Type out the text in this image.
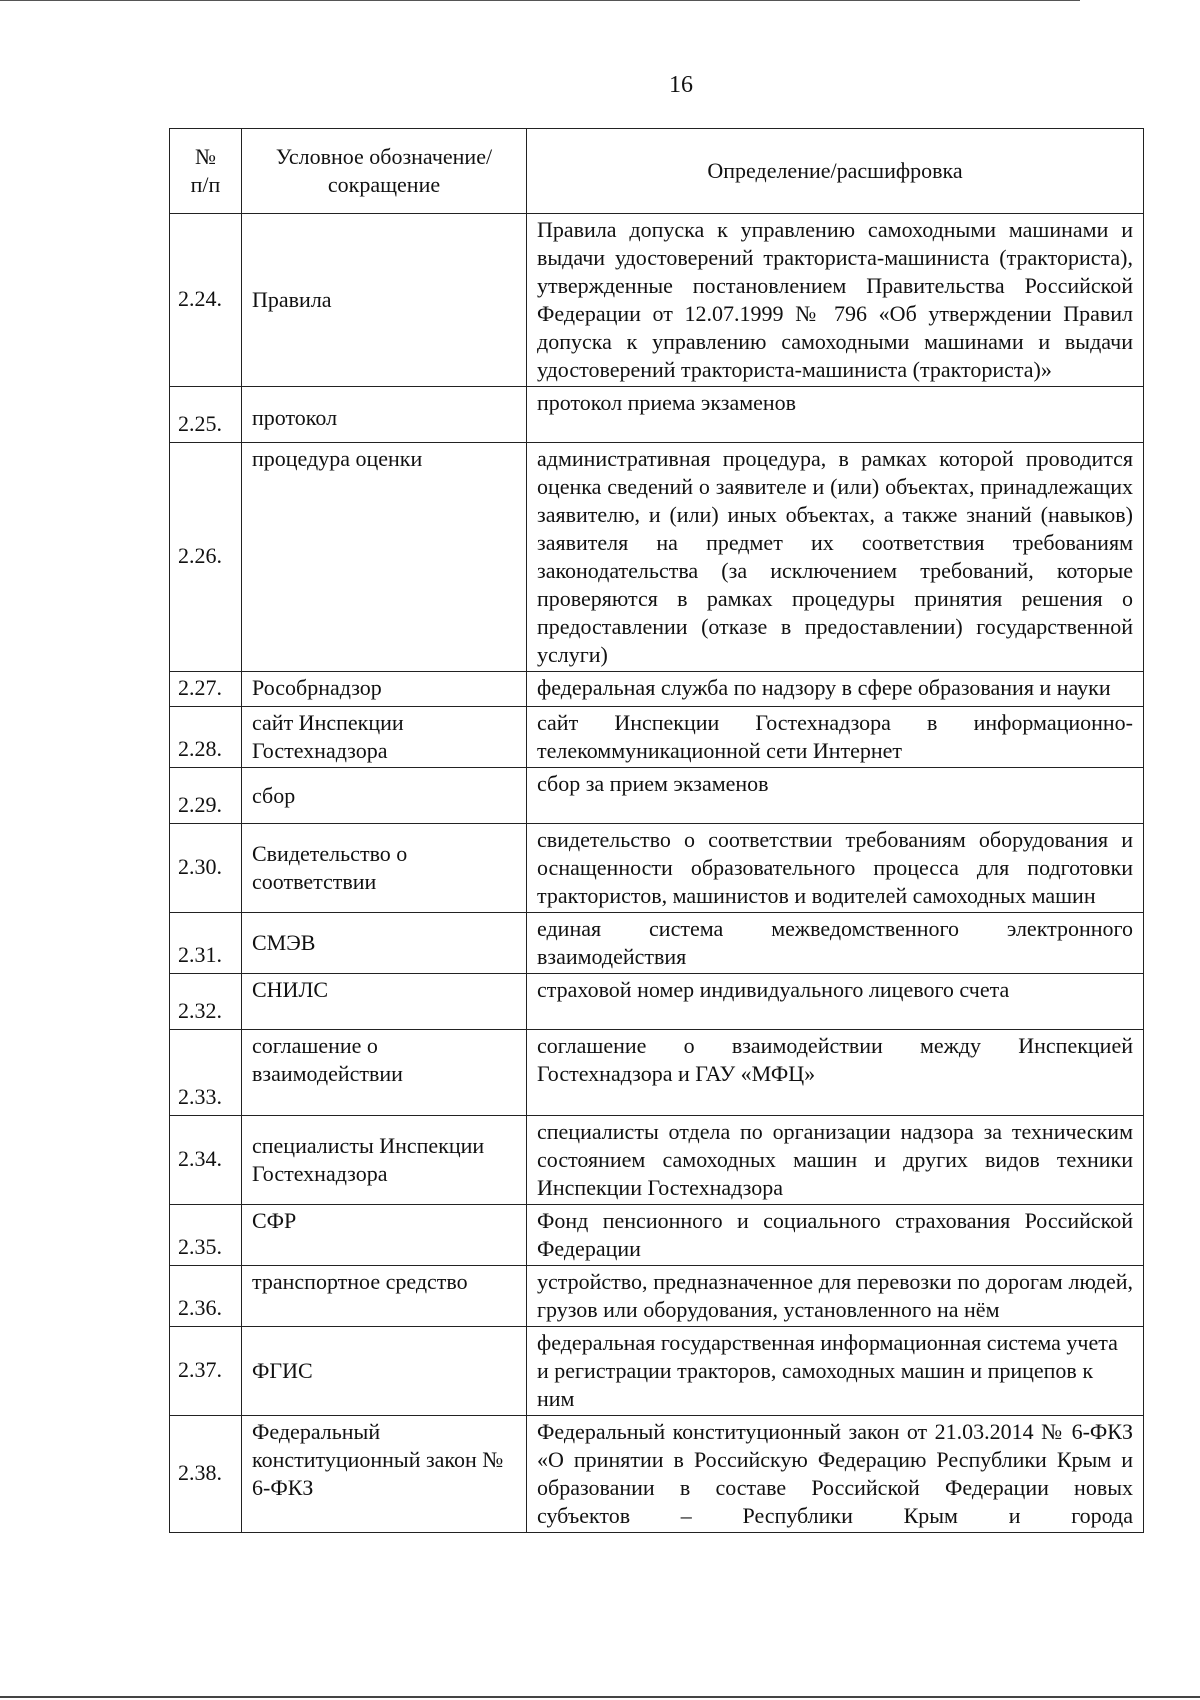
16
№ п/п	Условное обозначение/сокращение	Определение/расшифровка
2.24.	Правила	Правила допуска к управлению самоходными машинами и выдачи удостоверений тракториста-машиниста (тракториста), утвержденные постановлением Правительства Российской Федерации от 12.07.1999 № 796 «Об утверждении Правил допуска к управлению самоходными машинами и выдачи удостоверений тракториста-машиниста (тракториста)»
2.25.	протокол	протокол приема экзаменов
2.26.	процедура оценки	административная процедура, в рамках которой проводится оценка сведений о заявителе и (или) объектах, принадлежащих заявителю, и (или) иных объектах, а также знаний (навыков) заявителя на предмет их соответствия требованиям законодательства (за исключением требований, которые проверяются в рамках процедуры принятия решения о предоставлении (отказе в предоставлении) государственной услуги)
2.27.	Рособрнадзор	федеральная служба по надзору в сфере образования и науки
2.28.	сайт Инспекции Гостехнадзора	сайт Инспекции Гостехнадзора в информационно-телекоммуникационной сети Интернет
2.29.	сбор	сбор за прием экзаменов
2.30.	Свидетельство о соответствии	свидетельство о соответствии требованиям оборудования и оснащенности образовательного процесса для подготовки трактористов, машинистов и водителей самоходных машин
2.31.	СМЭВ	единая система межведомственного электронного взаимодействия
2.32.	СНИЛС	страховой номер индивидуального лицевого счета
2.33.	соглашение о взаимодействии	соглашение о взаимодействии между Инспекцией Гостехнадзора и ГАУ «МФЦ»
2.34.	специалисты Инспекции Гостехнадзора	специалисты отдела по организации надзора за техническим состоянием самоходных машин и других видов техники Инспекции Гостехнадзора
2.35.	СФР	Фонд пенсионного и социального страхования Российской Федерации
2.36.	транспортное средство	устройство, предназначенное для перевозки по дорогам людей, грузов или оборудования, установленного на нём
2.37.	ФГИС	федеральная государственная информационная система учета и регистрации тракторов, самоходных машин и прицепов к ним
2.38.	Федеральный конституционный закон № 6-ФКЗ	Федеральный конституционный закон от 21.03.2014 № 6-ФКЗ «О принятии в Российскую Федерацию Республики Крым и образовании в составе Российской Федерации новых субъектов – Республики Крым и города
